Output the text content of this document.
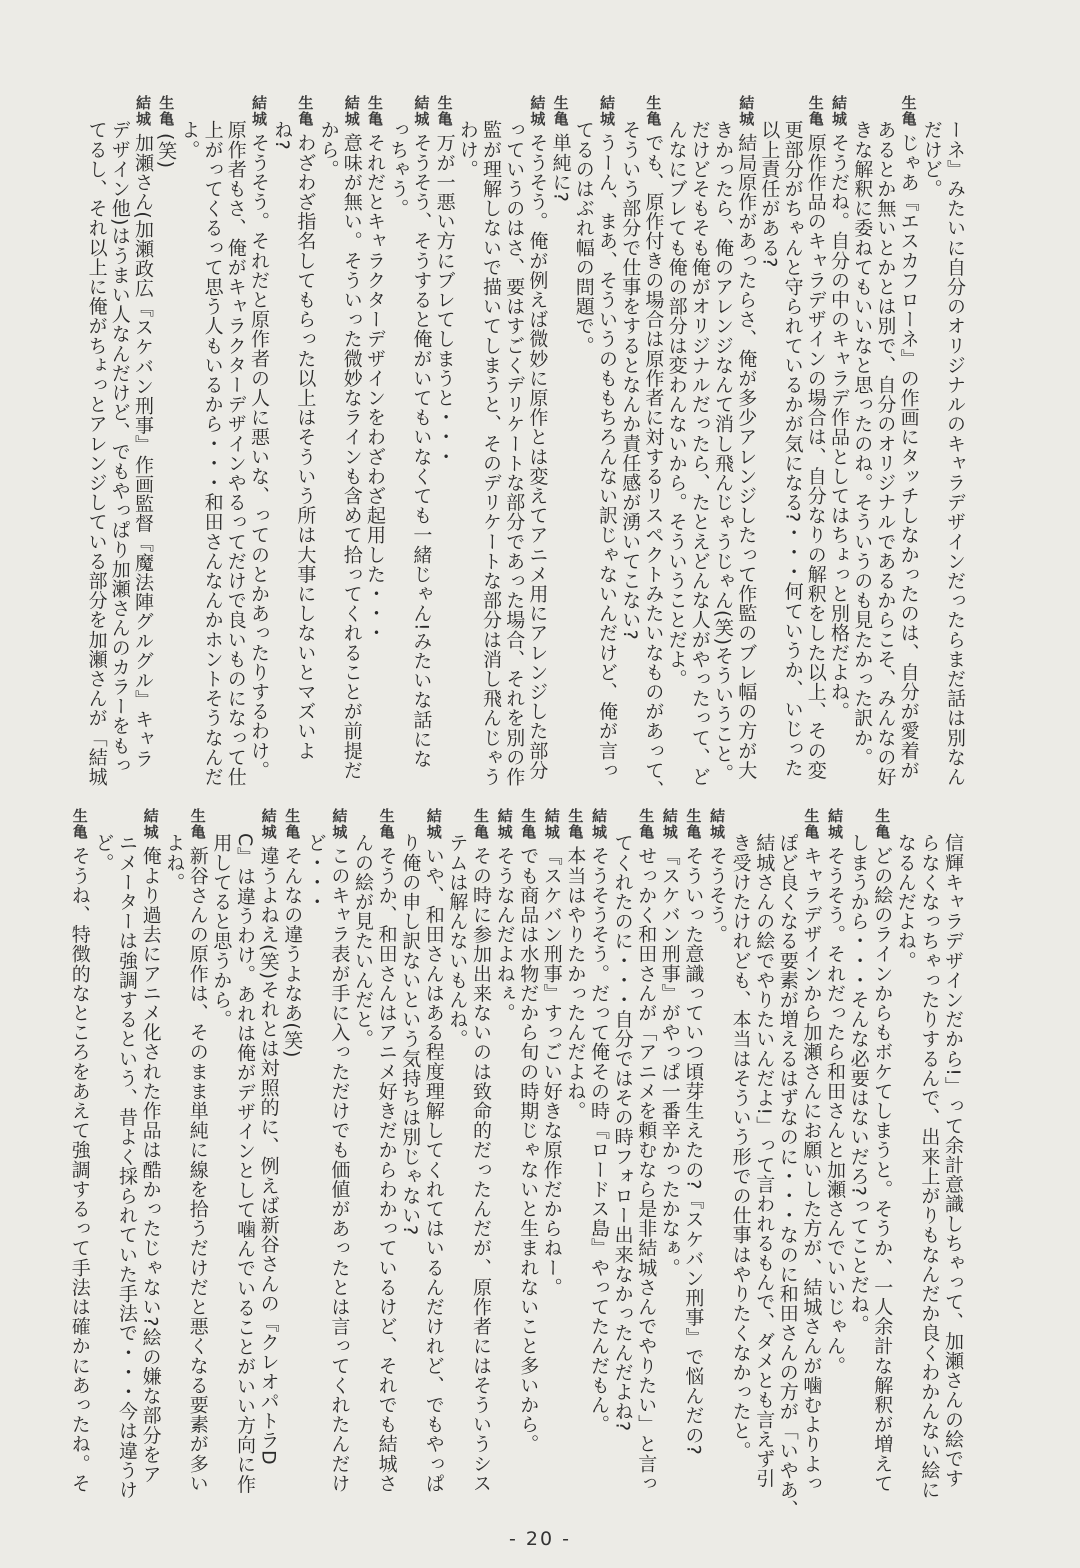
ーネ』みたいに自分のオリジナルのキャラデザインだったらまだ話は別なん
だけど。
生亀
じゃあ『エスカフローネ』の作画にタッチしなかったのは、自分が愛着が
あるとか無いとかとは別で、自分のオリジナルであるからこそ、みんなの好
きな解釈に委ねてもいいなと思ったのね。そういうのも見たかった訳か。
結城
そうだね。自分の中のキャラデ作品としてはちょっと別格だよね。
生亀
原作作品のキャラデザインの場合は、自分なりの解釈をした以上、その変
更部分がちゃんと守られているかが気になる?・・・何ていうか、いじった
以上責任がある?
結城
結局原作があったらさ、俺が多少アレンジしたって作監のブレ幅の方が大
きかったら、俺のアレンジなんて消し飛んじゃうじゃん(笑)そういうこと。
だけどそもそも俺がオリジナルだったら、たとえどんな人がやったって、ど
んなにブレても俺の部分は変わんないから。そういうことだよ。
生亀
でも、原作付きの場合は原作者に対するリスペクトみたいなものがあって、
そういう部分で仕事をするとなんか責任感が湧いてこない?
結城
うーん、まあ、そういうのももちろんない訳じゃないんだけど、俺が言っ
てるのはぶれ幅の問題で。
生亀
単純に?
結城
そうそう。俺が例えば微妙に原作とは変えてアニメ用にアレンジした部分
っていうのはさ、要はすごくデリケートな部分であった場合、それを別の作
監が理解しないで描いてしまうと、そのデリケートな部分は消し飛んじゃう
わけ。
生亀
万が一悪い方にブレてしまうと・・・
結城
そうそう、そうすると俺がいてもいなくても一緒じゃん!みたいな話にな
っちゃう。
生亀
それだとキャラクターデザインをわざわざ起用した・・・
結城
意味が無い。そういった微妙なラインも含めて拾ってくれることが前提だ
から。
生亀
わざわざ指名してもらった以上はそういう所は大事にしないとマズいよ
ね?
結城
そうそう。それだと原作者の人に悪いな、ってのとかあったりするわけ。
原作者もさ、俺がキャラクターデザインやるってだけで良いものになって仕
上がってくるって思う人もいるから・・・和田さんなんかホントそうなんだ
よ。
生亀
(笑)
結城
加瀬さん(加瀬政広『スケバン刑事』作画監督『魔法陣グルグル』キャラ
デザイン他)はうまい人なんだけど、でもやっぱり加瀬さんのカラーをもっ
てるし、それ以上に俺がちょっとアレンジしている部分を加瀬さんが「結城
信輝キャラデザインだから!」って余計意識しちゃって、加瀬さんの絵です
らなくなっちゃったりするんで、出来上がりもなんだか良くわかんない絵に
なるんだよね。
生亀
どの絵のラインからもボケてしまうと。そうか、一人余計な解釈が増えて
しまうから・・・そんな必要はないだろ?ってことだね。
結城
そうそう。それだったら和田さんと加瀬さんでいいじゃん。
生亀
キャラデザインから加瀬さんにお願いした方が、結城さんが噛むよりよっ
ぽど良くなる要素が増えるはずなのに・・・なのに和田さんの方が「いやあ、
結城さんの絵でやりたいんだよ!」って言われるもんで、ダメとも言えず引
き受けたけれども、本当はそういう形での仕事はやりたくなかったと。
結城
そうそう。
生亀
そういった意識っていつ頃芽生えたの?『スケバン刑事』で悩んだの?
結城
『スケバン刑事』がやっぱ一番辛かったかなぁ。
生亀
せっかく和田さんが「アニメを頼むなら是非結城さんでやりたい」と言っ
てくれたのに・・・自分ではその時フォロー出来なかったんだよね?
結城
そうそうそう。だって俺その時『ロードス島』やってたんだもん。
生亀
本当はやりたかったんだよね。
結城
『スケバン刑事』すっごい好きな原作だからねー。
生亀
でも商品は水物だから旬の時期じゃないと生まれないこと多いから。
結城
そうなんだよねぇ。
生亀
その時に参加出来ないのは致命的だったんだが、原作者にはそういうシス
テムは解んないもんね。
結城
いや、和田さんはある程度理解してくれてはいるんだけれど、でもやっぱ
り俺の申し訳ないという気持ちは別じゃない?
生亀
そうか、和田さんはアニメ好きだからわかっているけど、それでも結城さ
んの絵が見たいんだと。
結城
このキャラ表が手に入っただけでも価値があったとは言ってくれたんだけ
ど・・・
生亀
そんなの違うよなあ(笑)
結城
違うよねえ(笑)それとは対照的に、例えば新谷さんの『クレオパトラD
C』は違うわけ。あれは俺がデザインとして噛んでいることがいい方向に作
用してると思うから。
生亀
新谷さんの原作は、そのまま単純に線を拾うだけだと悪くなる要素が多い
よね。
結城
俺より過去にアニメ化された作品は酷かったじゃない?絵の嫌な部分をア
ニメーターは強調するという、昔よく採られていた手法で・・・今は違うけ
ど。
生亀
そうね、特徴的なところをあえて強調するって手法は確かにあったね。そ
- 20 -
